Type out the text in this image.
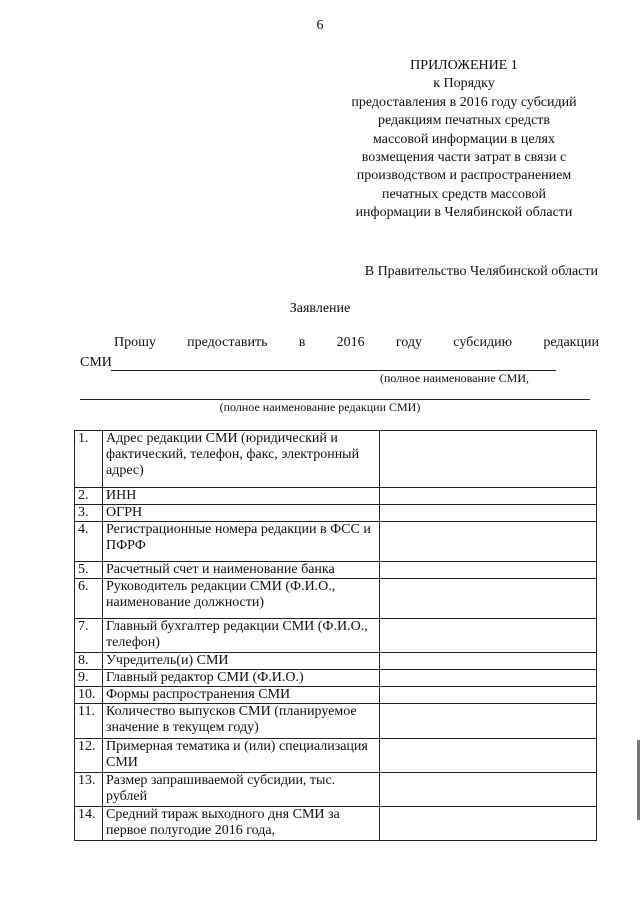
6
ПРИЛОЖЕНИЕ 1
к Порядку
предоставления в 2016 году субсидий
редакциям печатных средств
массовой информации в целях
возмещения части затрат в связи с
производством и распространением
печатных средств массовой
информации в Челябинской области
В Правительство Челябинской области
Заявление
Прошу предоставить в 2016 году субсидию редакции
СМИ
(полное наименование СМИ,
(полное наименование редакции СМИ)
1.	Адрес редакции СМИ (юридический и фактический, телефон, факс, электронный адрес)	
2.	ИНН	
3.	ОГРН	
4.	Регистрационные номера редакции в ФСС и ПФРФ	
5.	Расчетный счет и наименование банка	
6.	Руководитель редакции СМИ (Ф.И.О., наименование должности)	
7.	Главный бухгалтер редакции СМИ (Ф.И.О., телефон)	
8.	Учредитель(и) СМИ	
9.	Главный редактор СМИ (Ф.И.О.)	
10.	Формы распространения СМИ	
11.	Количество выпусков СМИ (планируемое значение в текущем году)	
12.	Примерная тематика и (или) специализация СМИ	
13.	Размер запрашиваемой субсидии, тыс. рублей	
14.	Средний тираж выходного дня СМИ за первое полугодие 2016 года,	
